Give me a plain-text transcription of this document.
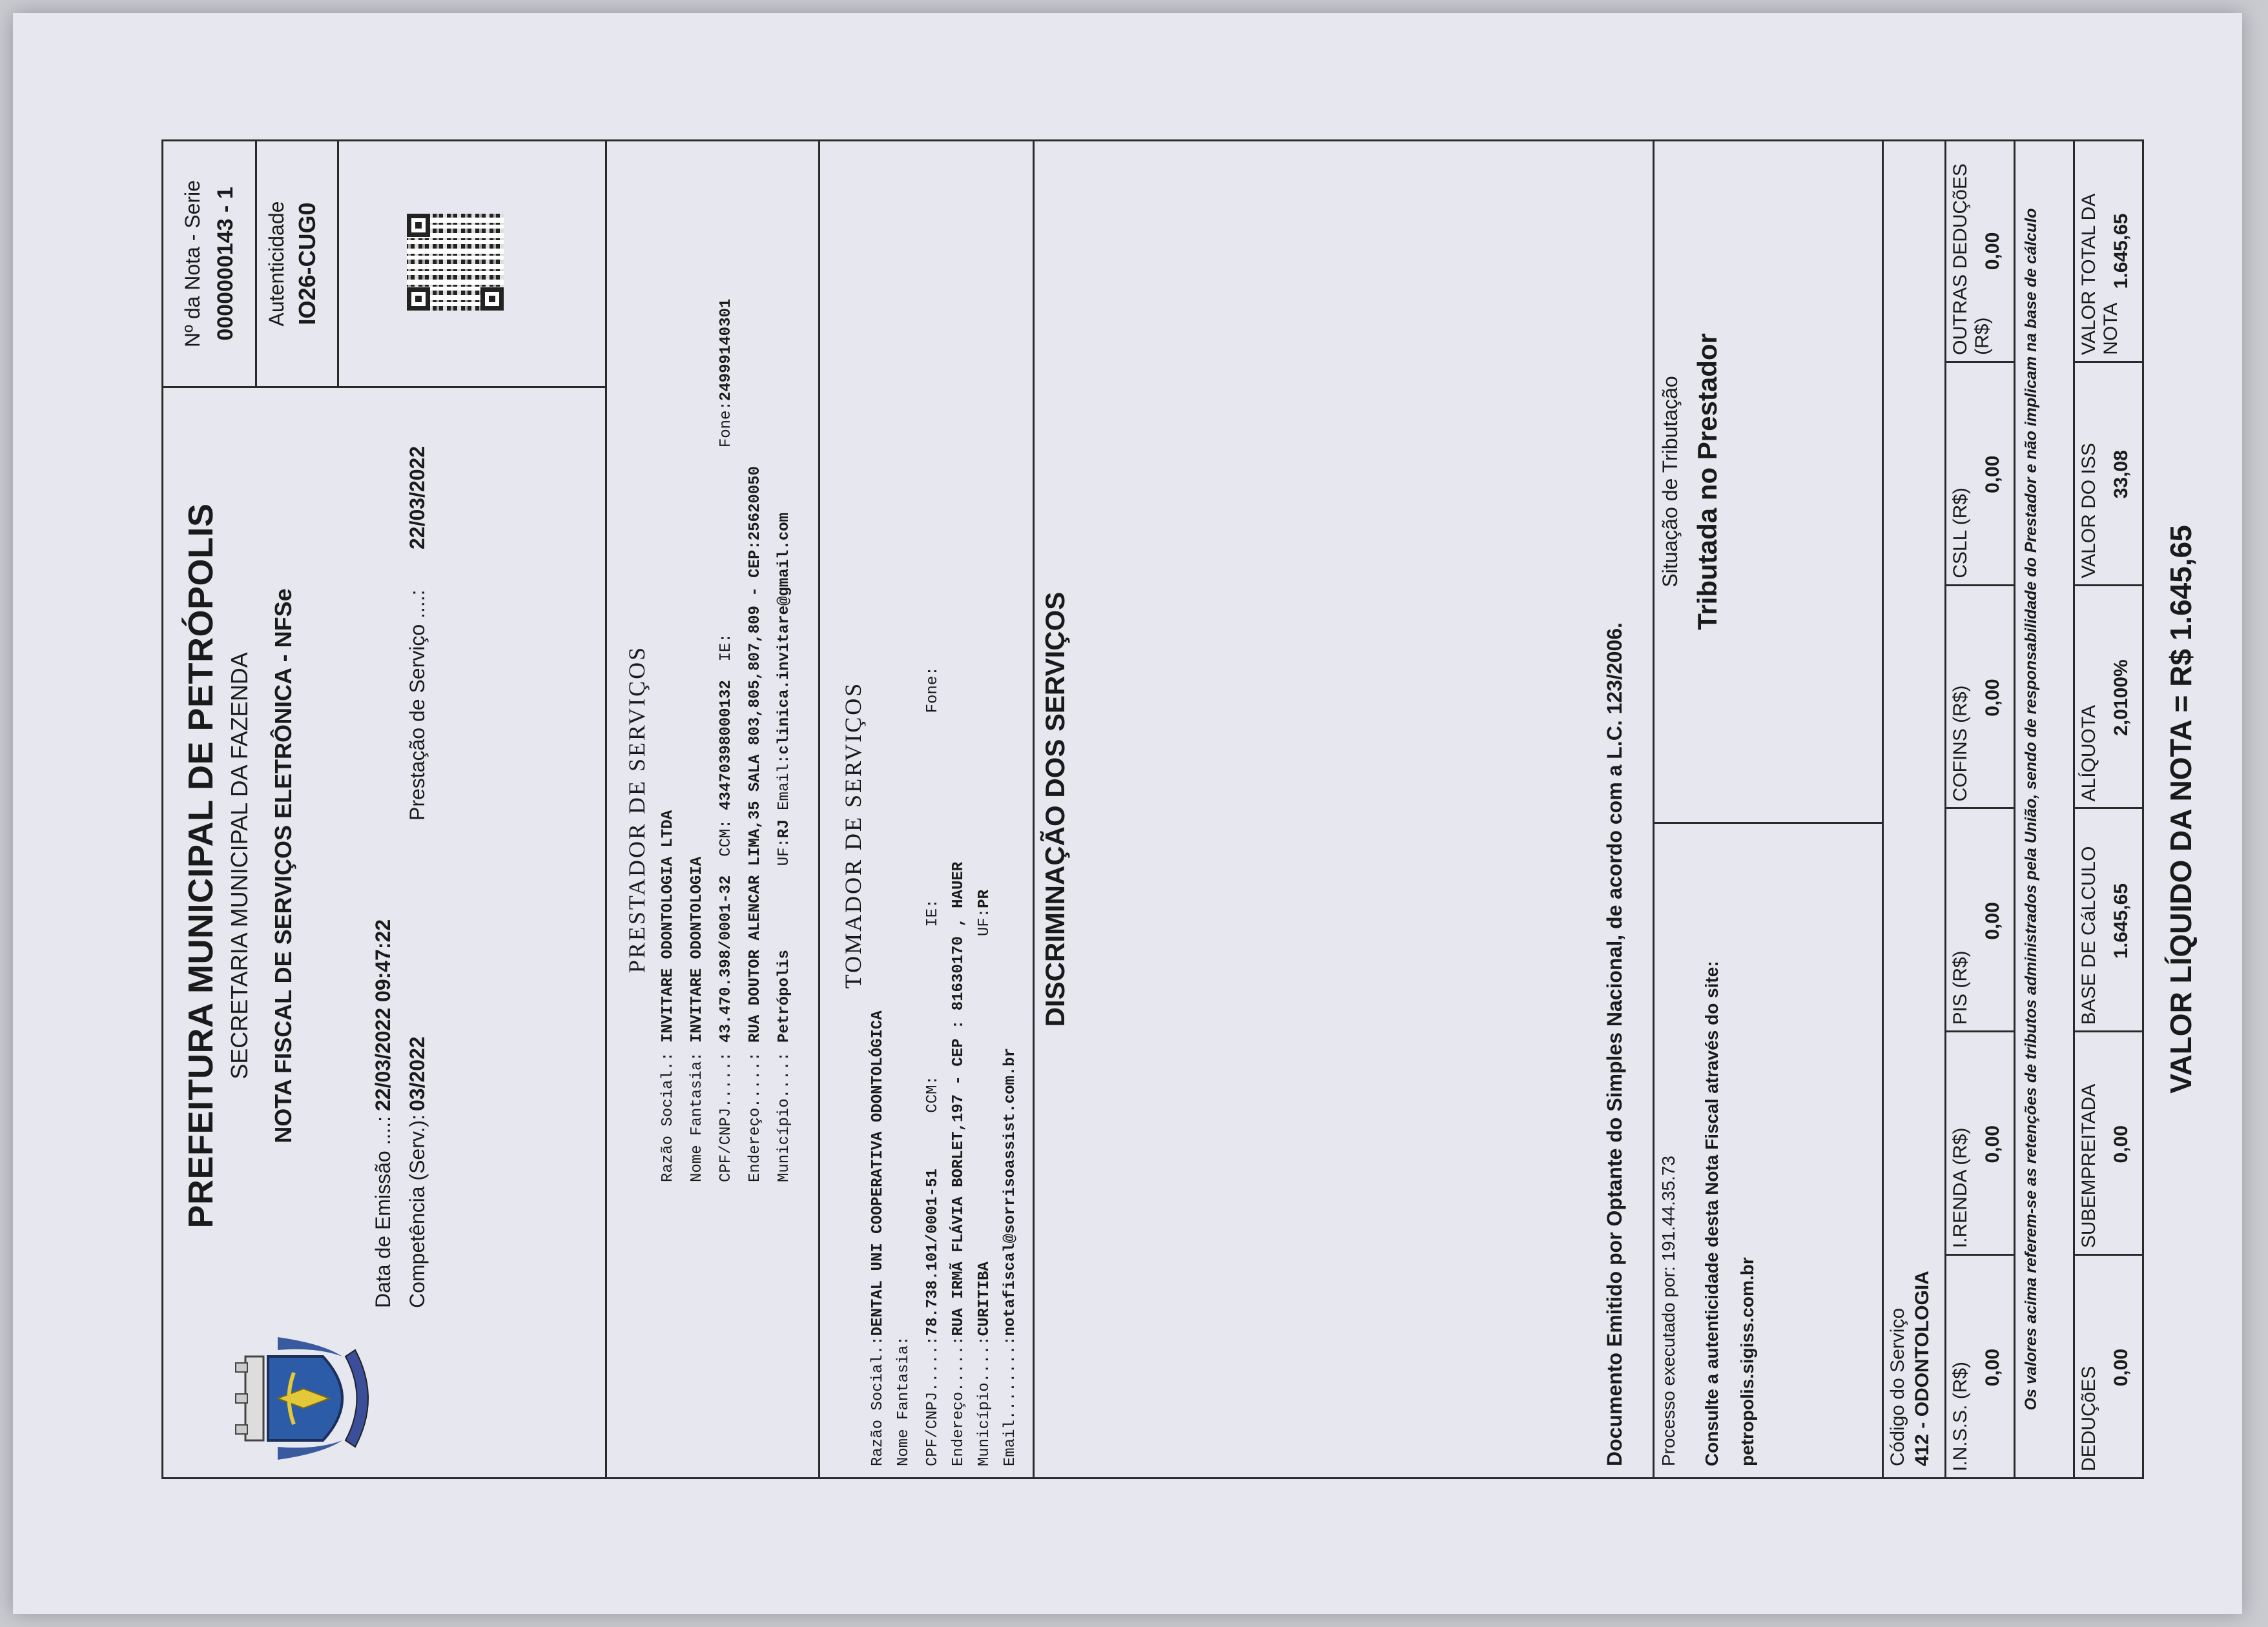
PREFEITURA MUNICIPAL DE PETRÓPOLIS SECRETARIA MUNICIPAL DA FAZENDA NOTA FISCAL DE SERVIÇOS ELETRÔNICA - NFSe
Data de Emissão ....:
22/03/2022 09:47:22
Competência (Serv.):
03/2022
Prestação de Serviço ....:
22/03/2022
Nº da Nota - Serie 0000000143 - 1 Autenticidade IO26-CUG0
PRESTADOR DE SERVIÇOS
Razão Social.: INVITARE ODONTOLOGIA LTDA
Nome Fantasia: INVITARE ODONTOLOGIA
CPF/CNPJ.....: 43.470.398/0001-32  CCM: 43470398000132  IE:                    Fone:24999140301
Endereço.....: RUA DOUTOR ALENCAR LIMA,35 SALA 803,805,807,809 - CEP:25620050
Município....: Petrópolis         UF:RJ Email:clinica.invitare@gmail.com
TOMADOR DE SERVIÇOS
Razão Social.:DENTAL UNI COOPERATIVA ODONTOLÓGICA
Nome Fantasia: CPF/CNPJ.....:78.738.101/0001-51      CCM:                IE:                    Fone:
Endereço.....:RUA IRMÃ FLÁVIA BORLET,197 - CEP : 81630170 , HAUER
Município....:CURITIBA                                   UF:PR
Email........:notafiscal@sorrisoassist.com.br
DISCRIMINAÇÃO DOS SERVIÇOS	Documento Emitido por Optante do Simples Nacional, de acordo com a L.C. 123/2006. Processo executado por: 191.44.35.73 Consulte a autenticidade desta Nota Fiscal através do site: petropolis.sigiss.com.br
Situação de Tributação Tributada no Prestador
Código do Serviço 412 - ODONTOLOGIA	Os valores acima referem-se as retenções de tributos administrados pela União, sendo de responsabilidade do Prestador e não implicam na base de cálculo	VALOR LÍQUIDO DA NOTA = R$ 1.645,65
I.N.S.S. (R$) 0,00
I.RENDA (R$) 0,00
PIS (R$)
0,00
COFINS (R$) 0,00
CSLL (R$)
0,00
OUTRAS DEDUÇõES (R$)
0,00
DEDUÇõES 0,00
SUBEMPREITADA 0,00
BASE DE CáLCULO 1.645,65
ALÍQUOTA
2,0100%
VALOR DO ISS 33,08
VALOR TOTAL DA NOTA
1.645,65
